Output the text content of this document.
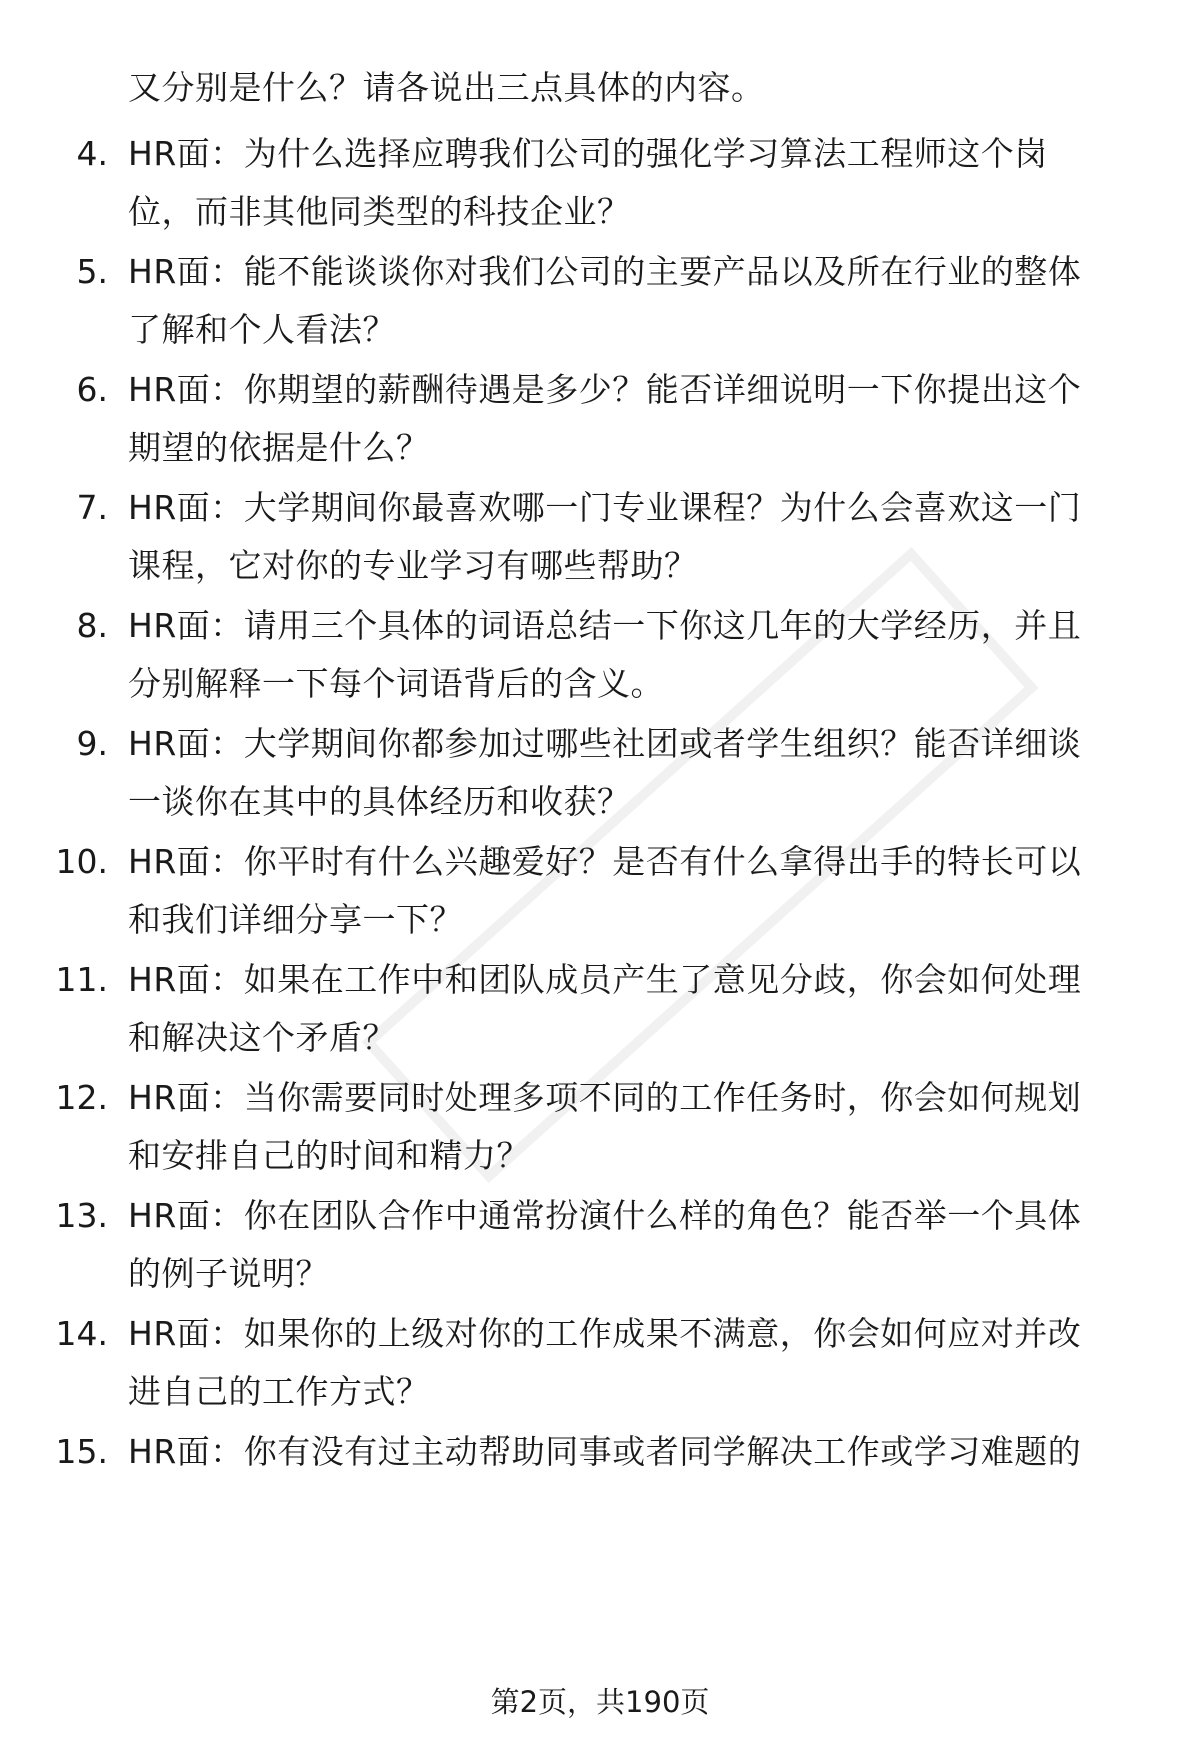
又分别是什么？请各说出三点具体的内容。
4. HR面：为什么选择应聘我们公司的强化学习算法工程师这个岗
位，而非其他同类型的科技企业？
5. HR面：能不能谈谈你对我们公司的主要产品以及所在行业的整体
了解和个人看法？
6. HR面：你期望的薪酬待遇是多少？能否详细说明一下你提出这个
期望的依据是什么？
7. HR面：大学期间你最喜欢哪一门专业课程？为什么会喜欢这一门
课程，它对你的专业学习有哪些帮助？
8. HR面：请用三个具体的词语总结一下你这几年的大学经历，并且
分别解释一下每个词语背后的含义。
9. HR面：大学期间你都参加过哪些社团或者学生组织？能否详细谈
一谈你在其中的具体经历和收获？
10. HR面：你平时有什么兴趣爱好？是否有什么拿得出手的特长可以
和我们详细分享一下？
11. HR面：如果在工作中和团队成员产生了意见分歧，你会如何处理
和解决这个矛盾？
12. HR面：当你需要同时处理多项不同的工作任务时，你会如何规划
和安排自己的时间和精力？
13. HR面：你在团队合作中通常扮演什么样的角色？能否举一个具体
的例子说明？
14. HR面：如果你的上级对你的工作成果不满意，你会如何应对并改
进自己的工作方式？
15. HR面：你有没有过主动帮助同事或者同学解决工作或学习难题的
第2页，共190页
